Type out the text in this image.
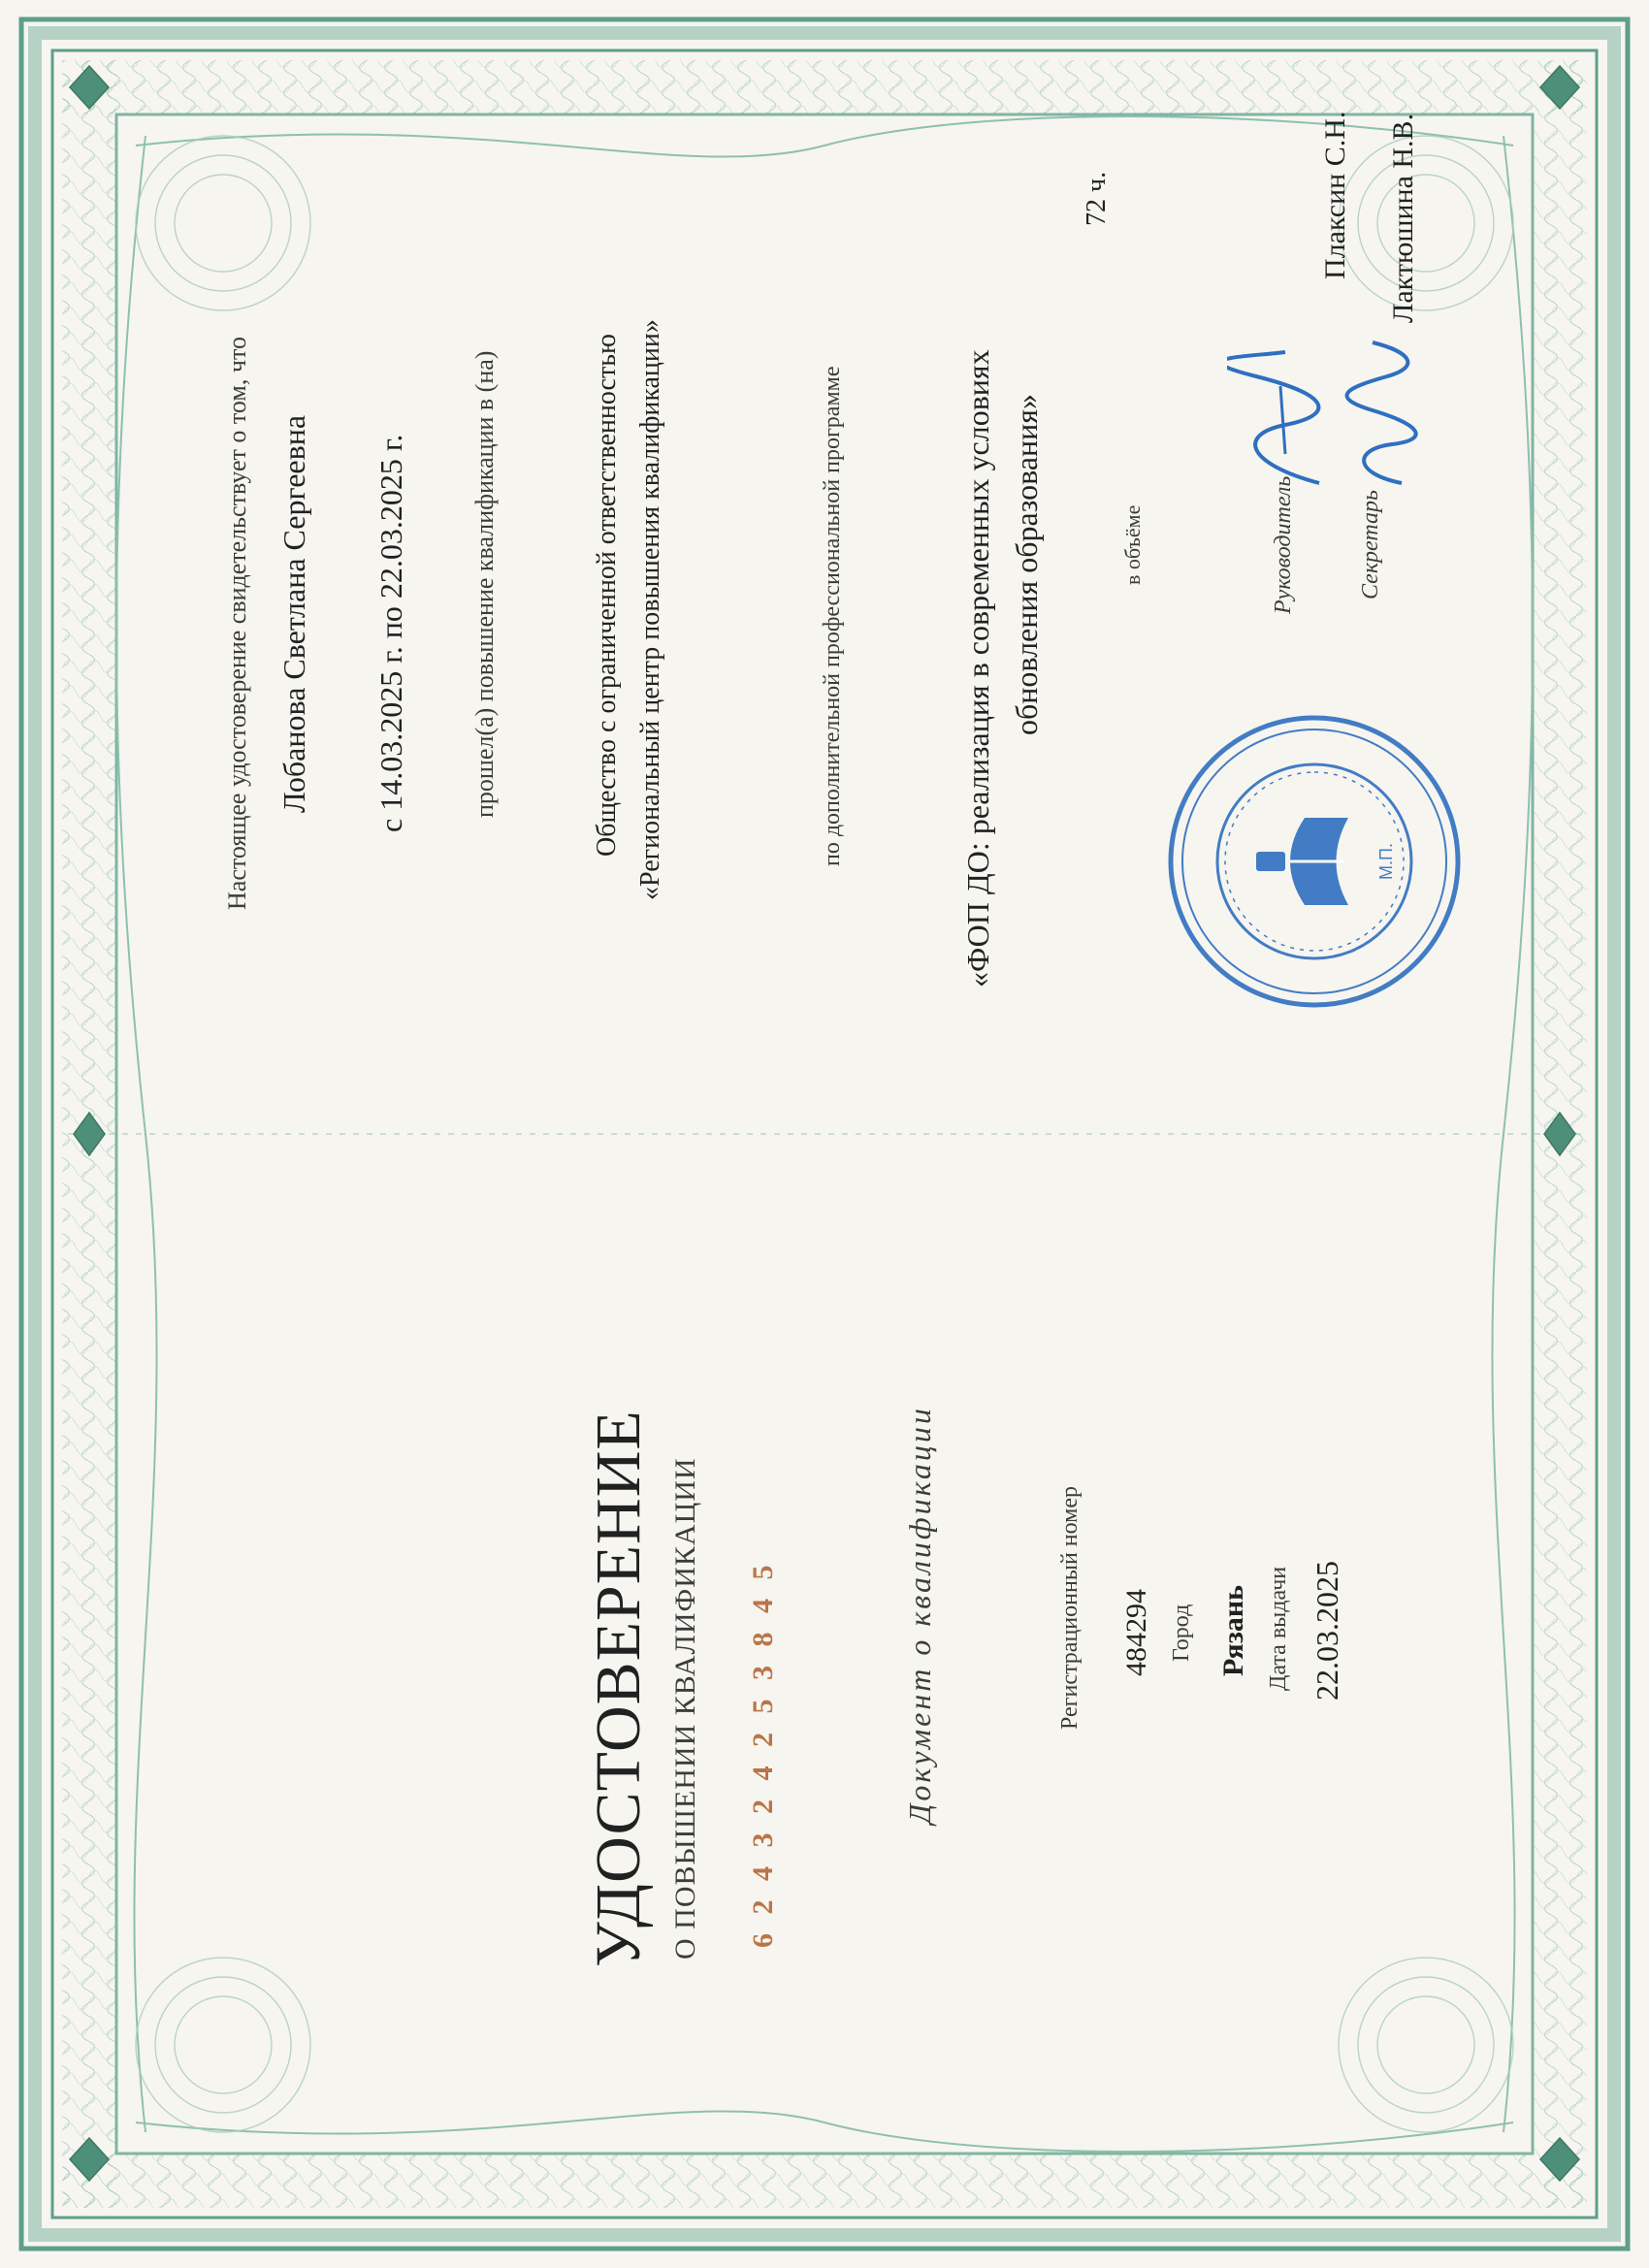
УДОСТОВЕРЕНИЕ О ПОВЫШЕНИИ КВАЛИФИКАЦИИ 6 2 4 3 2 4 2 5 3 8 4 5	Документ о квалификации	Регистрационный номер 484294 Город Рязань Дата выдачи 22.03.2025
Настоящее удостоверение свидетельствует о том, что Лобанова Светлана Сергеевна с 14.03.2025 г. по 22.03.2025 г. прошел(а) повышение квалификации в (на)	Обществo с ограниченной ответственностью «Региональный центр повышения квалификации»	по дополнительной профессиональной программе	«ФОП ДО: реализация в современных условиях обновления образования»	в объёме
72 ч.
М.П.
Руководитель
Плаксин С.Н.
Секретарь
Лактюшина Н.В.
